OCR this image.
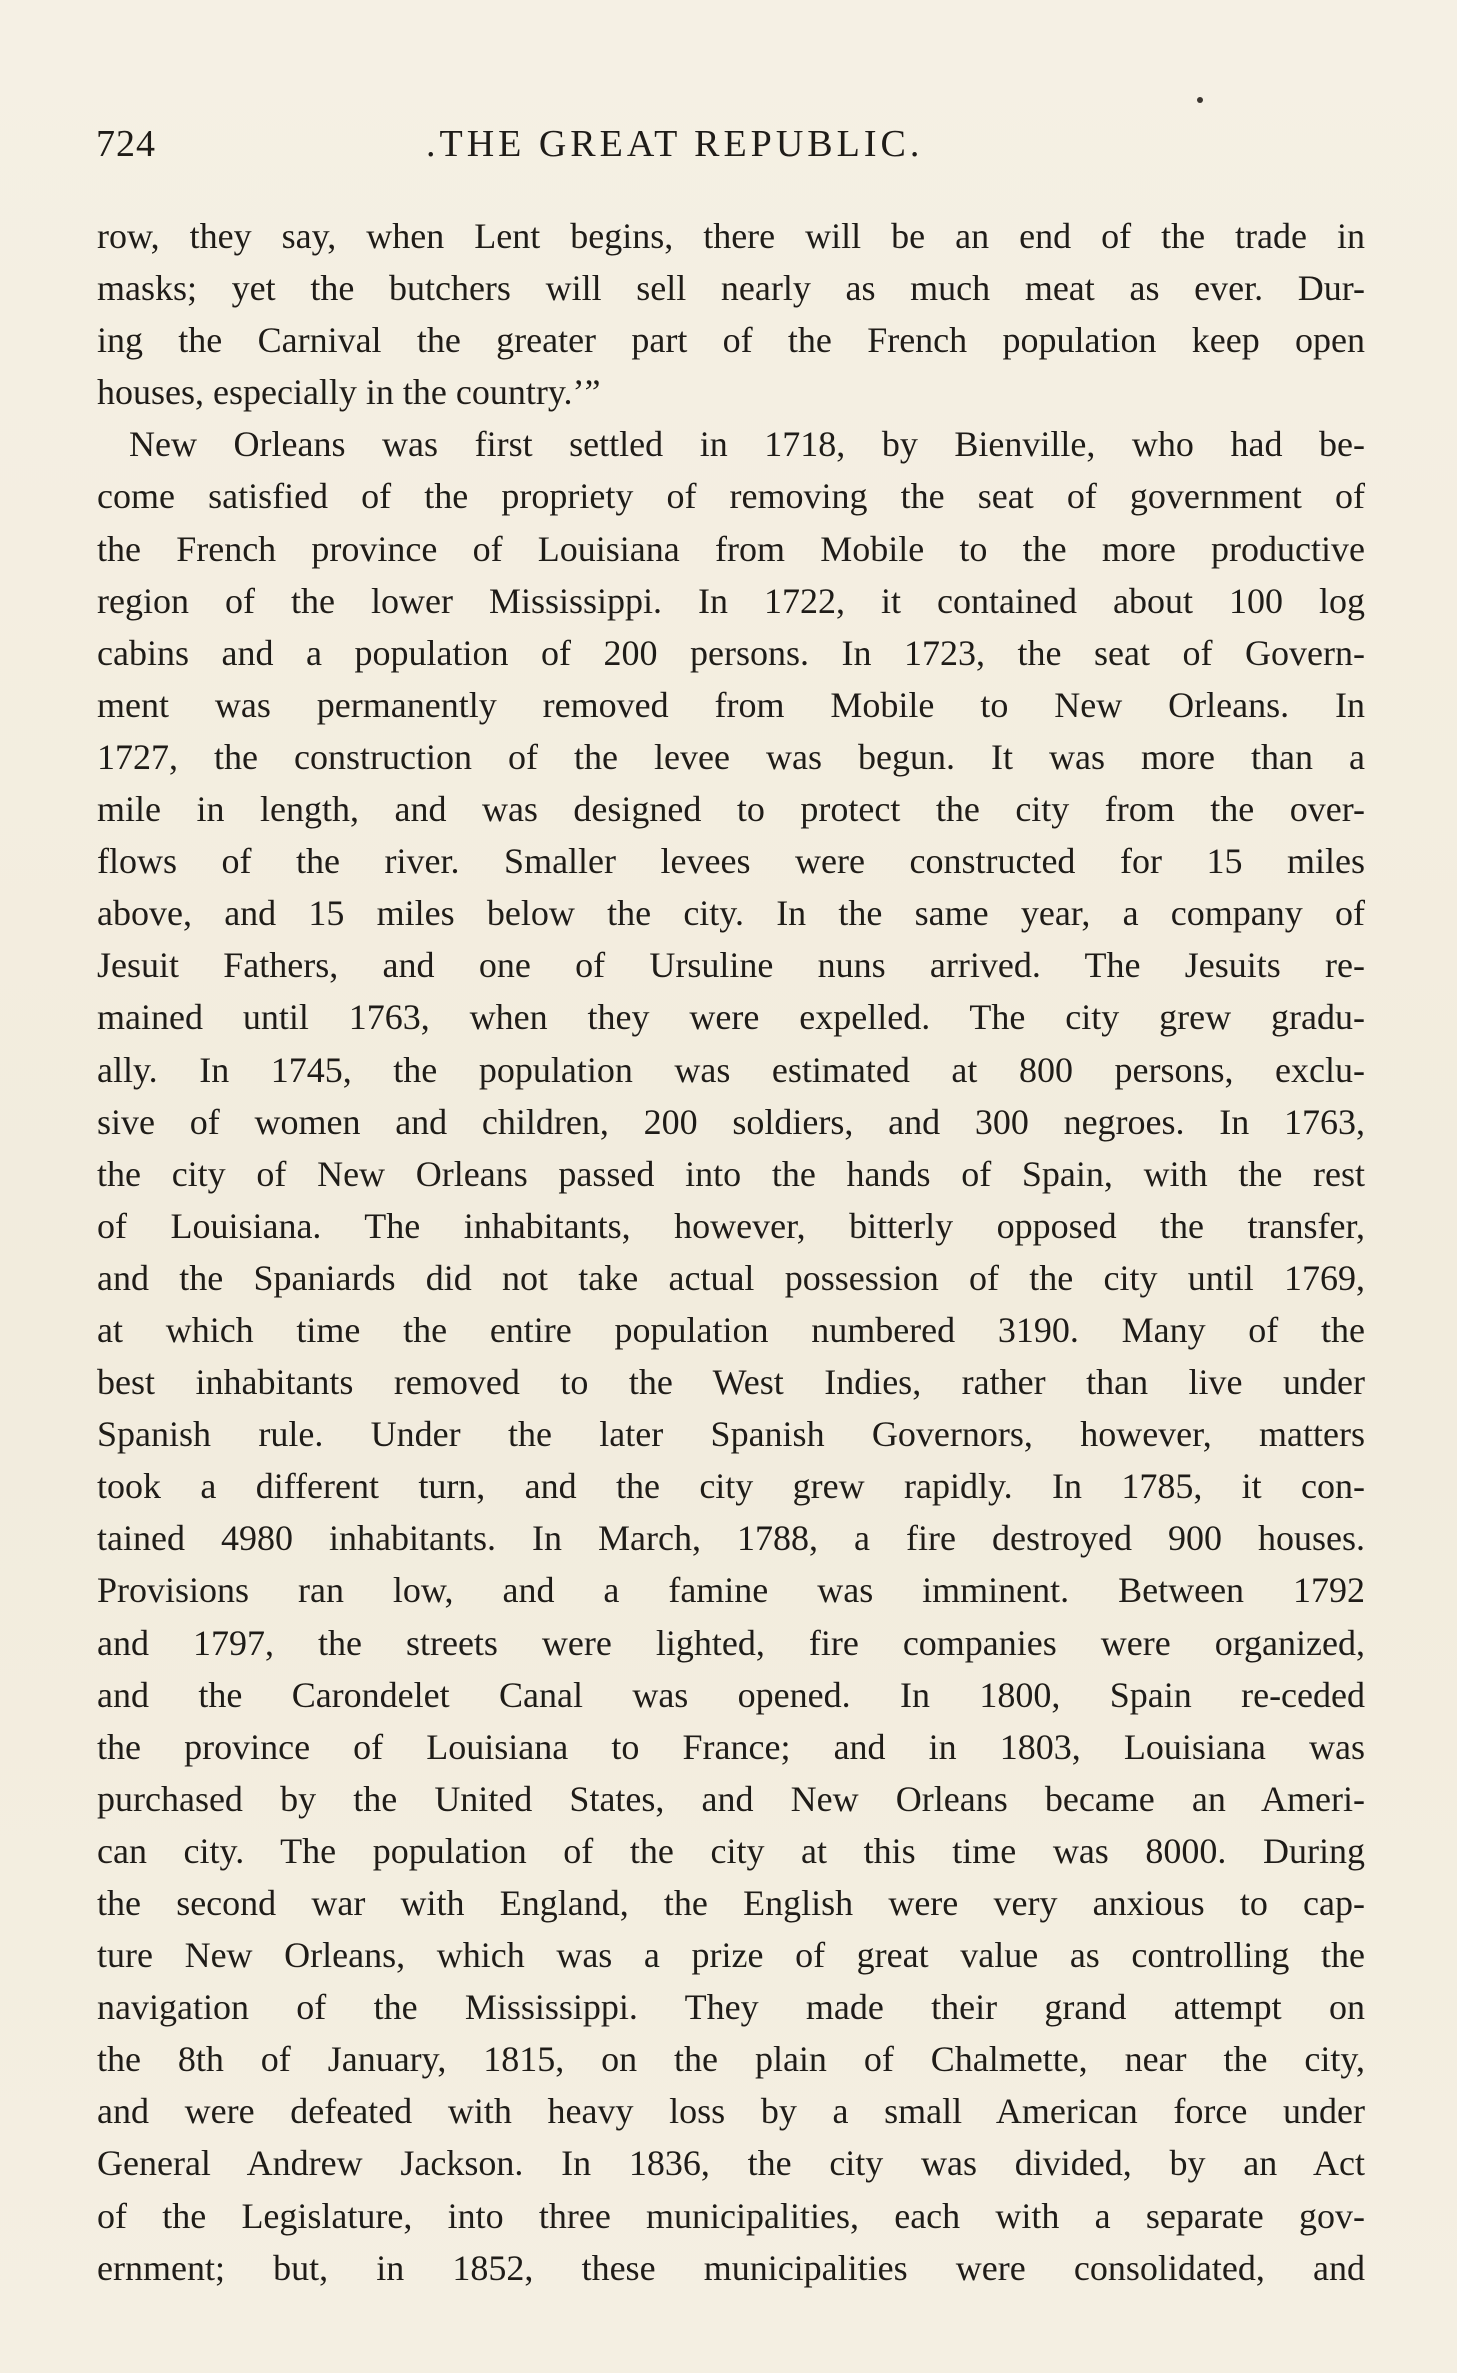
724	.THE GREAT REPUBLIC.
row, they say, when Lent begins, there will be an end of the trade in
masks; yet the butchers will sell nearly as much meat as ever. Dur-
ing the Carnival the greater part of the French population keep open
houses, especially in the country.’”
New Orleans was first settled in 1718, by Bienville, who had be-
come satisfied of the propriety of removing the seat of government of
the French province of Louisiana from Mobile to the more productive
region of the lower Mississippi. In 1722, it contained about 100 log
cabins and a population of 200 persons. In 1723, the seat of Govern-
ment was permanently removed from Mobile to New Orleans. In
1727, the construction of the levee was begun. It was more than a
mile in length, and was designed to protect the city from the over-
flows of the river. Smaller levees were constructed for 15 miles
above, and 15 miles below the city. In the same year, a company of
Jesuit Fathers, and one of Ursuline nuns arrived. The Jesuits re-
mained until 1763, when they were expelled. The city grew gradu-
ally. In 1745, the population was estimated at 800 persons, exclu-
sive of women and children, 200 soldiers, and 300 negroes. In 1763,
the city of New Orleans passed into the hands of Spain, with the rest
of Louisiana. The inhabitants, however, bitterly opposed the transfer,
and the Spaniards did not take actual possession of the city until 1769,
at which time the entire population numbered 3190. Many of the
best inhabitants removed to the West Indies, rather than live under
Spanish rule. Under the later Spanish Governors, however, matters
took a different turn, and the city grew rapidly. In 1785, it con-
tained 4980 inhabitants. In March, 1788, a fire destroyed 900 houses.
Provisions ran low, and a famine was imminent. Between 1792
and 1797, the streets were lighted, fire companies were organized,
and the Carondelet Canal was opened. In 1800, Spain re-ceded
the province of Louisiana to France; and in 1803, Louisiana was
purchased by the United States, and New Orleans became an Ameri-
can city. The population of the city at this time was 8000. During
the second war with England, the English were very anxious to cap-
ture New Orleans, which was a prize of great value as controlling the
navigation of the Mississippi. They made their grand attempt on
the 8th of January, 1815, on the plain of Chalmette, near the city,
and were defeated with heavy loss by a small American force under
General Andrew Jackson. In 1836, the city was divided, by an Act
of the Legislature, into three municipalities, each with a separate gov-
ernment; but, in 1852, these municipalities were consolidated, and
